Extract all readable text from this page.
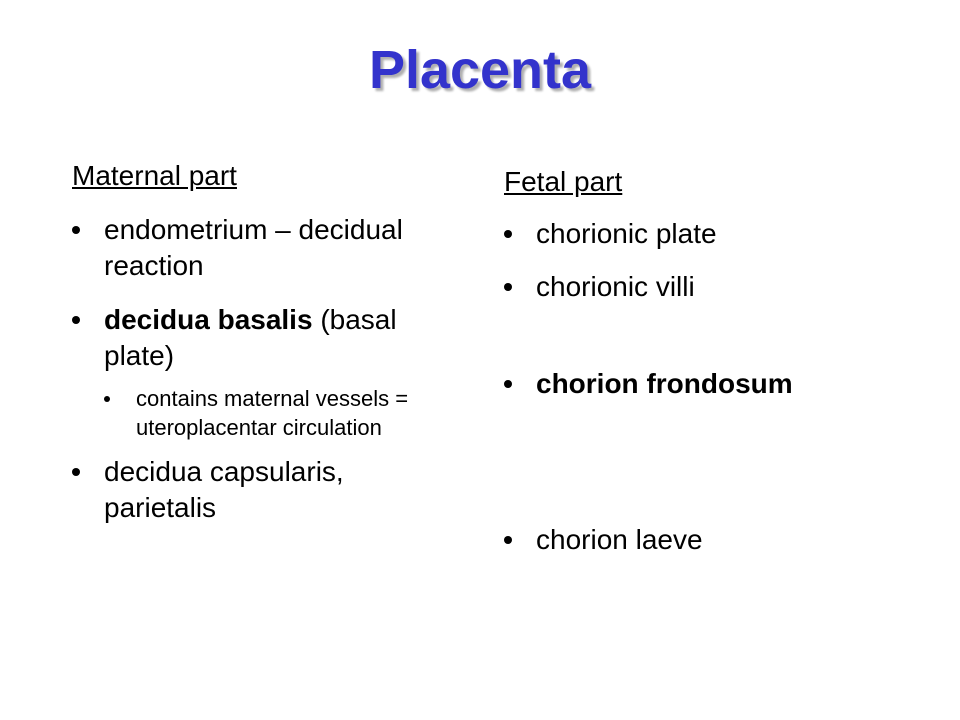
Placenta
Maternal part
endometrium – decidual reaction
decidua basalis (basal plate)
contains maternal vessels = uteroplacentar circulation
decidua capsularis, parietalis
Fetal part
chorionic plate
chorionic villi
chorion frondosum
chorion laeve
